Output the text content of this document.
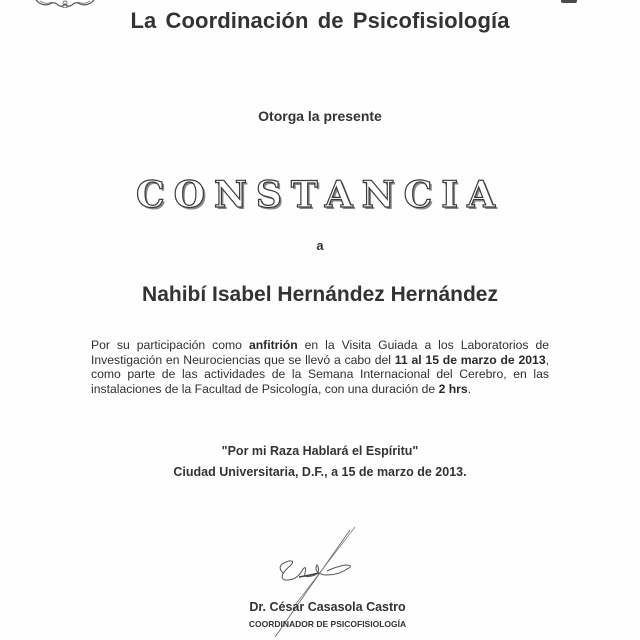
La Coordinación de Psicofisiología
Otorga la presente
CONSTANCIA
a
Nahibí Isabel Hernández Hernández
Por su participación como anfitrión en la Visita Guiada a los Laboratorios de Investigación en Neurociencias que se llevó a cabo del 11 al 15 de marzo de 2013, como parte de las actividades de la Semana Internacional del Cerebro, en las instalaciones de la Facultad de Psicología, con una duración de 2 hrs.
"Por mi Raza Hablará el Espíritu"
Ciudad Universitaria, D.F., a 15 de marzo de 2013.
Dr. César Casasola Castro
COORDINADOR DE PSICOFISIOLOGÍA
